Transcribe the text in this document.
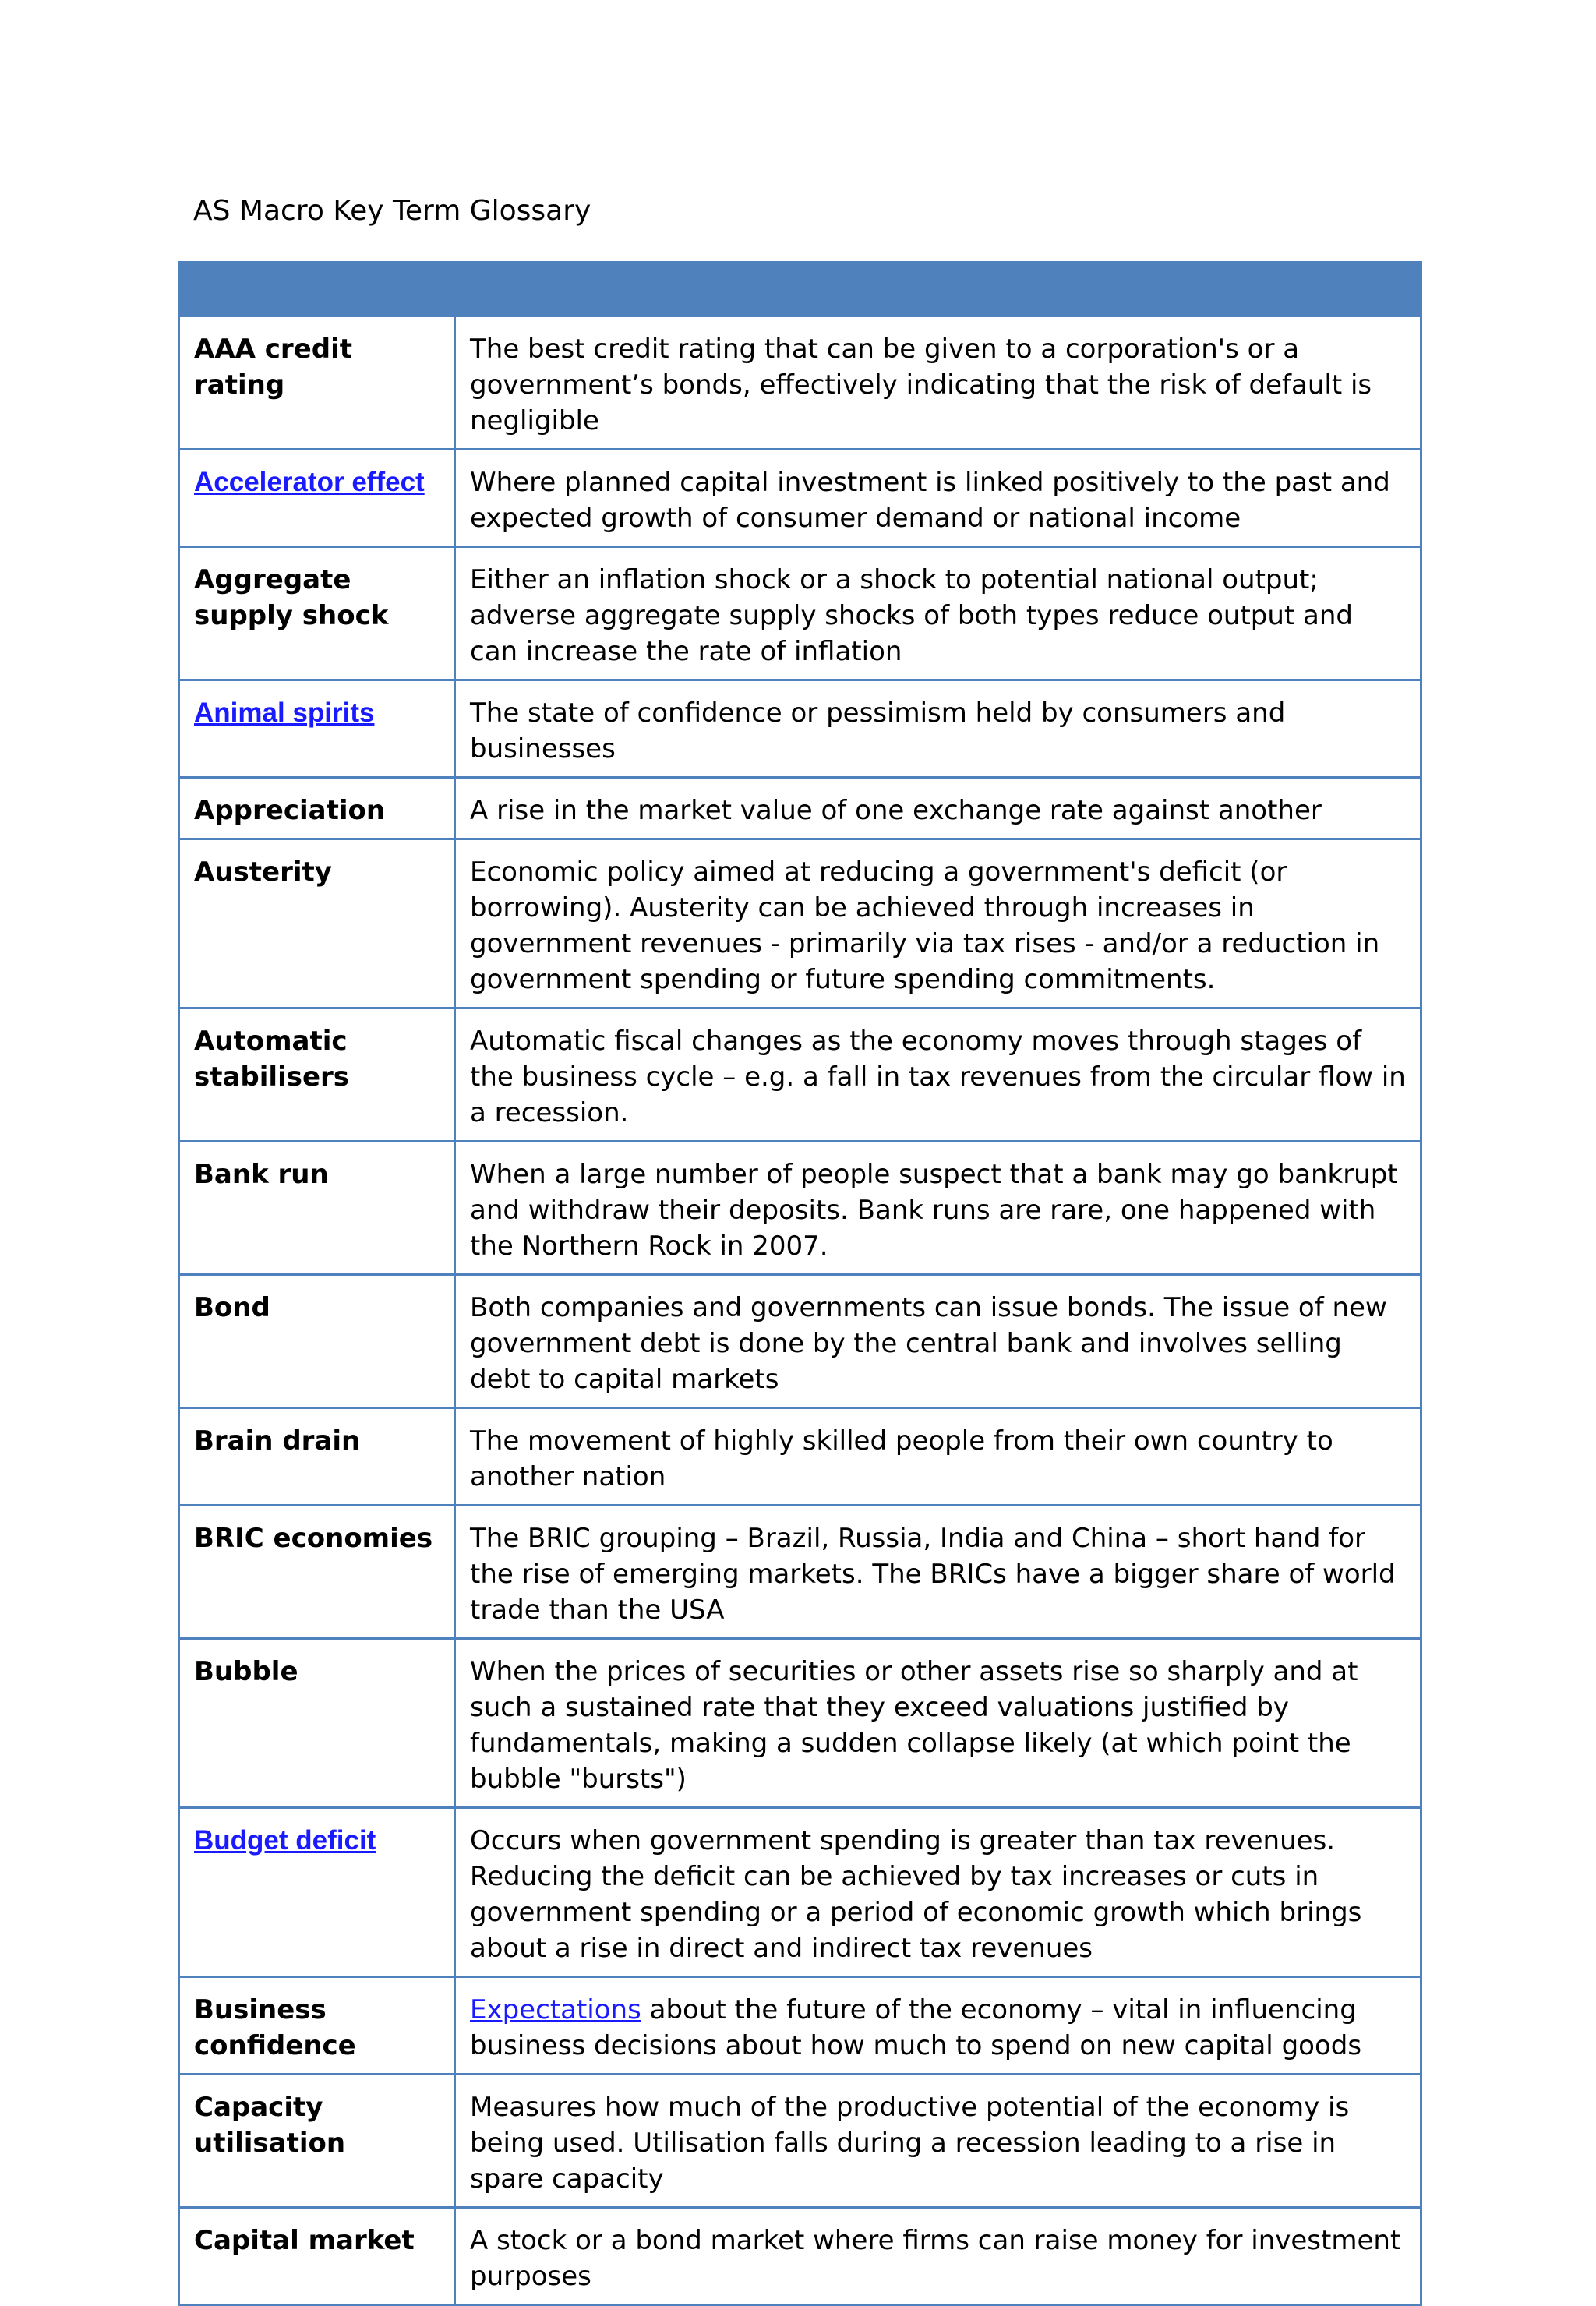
AS Macro Key Term Glossary

AAA credit rating	The best credit rating that can be given to a corporation's or a government’s bonds, effectively indicating that the risk of default is negligible
Accelerator effect	Where planned capital investment is linked positively to the past and expected growth of consumer demand or national income
Aggregate supply shock	Either an inflation shock or a shock to potential national output; adverse aggregate supply shocks of both types reduce output and can increase the rate of inflation
Animal spirits	The state of confidence or pessimism held by consumers and businesses
Appreciation	A rise in the market value of one exchange rate against another
Austerity	Economic policy aimed at reducing a government's deficit (or borrowing). Austerity can be achieved through increases in government revenues - primarily via tax rises - and/or a reduction in government spending or future spending commitments.
Automatic stabilisers	Automatic fiscal changes as the economy moves through stages of the business cycle – e.g. a fall in tax revenues from the circular flow in a recession.
Bank run	When a large number of people suspect that a bank may go bankrupt and withdraw their deposits. Bank runs are rare, one happened with the Northern Rock in 2007.
Bond	Both companies and governments can issue bonds. The issue of new government debt is done by the central bank and involves selling debt to capital markets
Brain drain	The movement of highly skilled people from their own country to another nation
BRIC economies	The BRIC grouping – Brazil, Russia, India and China – short hand for the rise of emerging markets. The BRICs have a bigger share of world trade than the USA
Bubble	When the prices of securities or other assets rise so sharply and at such a sustained rate that they exceed valuations justified by fundamentals, making a sudden collapse likely (at which point the bubble "bursts")
Budget deficit	Occurs when government spending is greater than tax revenues. Reducing the deficit can be achieved by tax increases or cuts in government spending or a period of economic growth which brings about a rise in direct and indirect tax revenues
Business confidence	Expectations about the future of the economy – vital in influencing business decisions about how much to spend on new capital goods
Capacity utilisation	Measures how much of the productive potential of the economy is being used. Utilisation falls during a recession leading to a rise in spare capacity
Capital market	A stock or a bond market where firms can raise money for investment purposes
